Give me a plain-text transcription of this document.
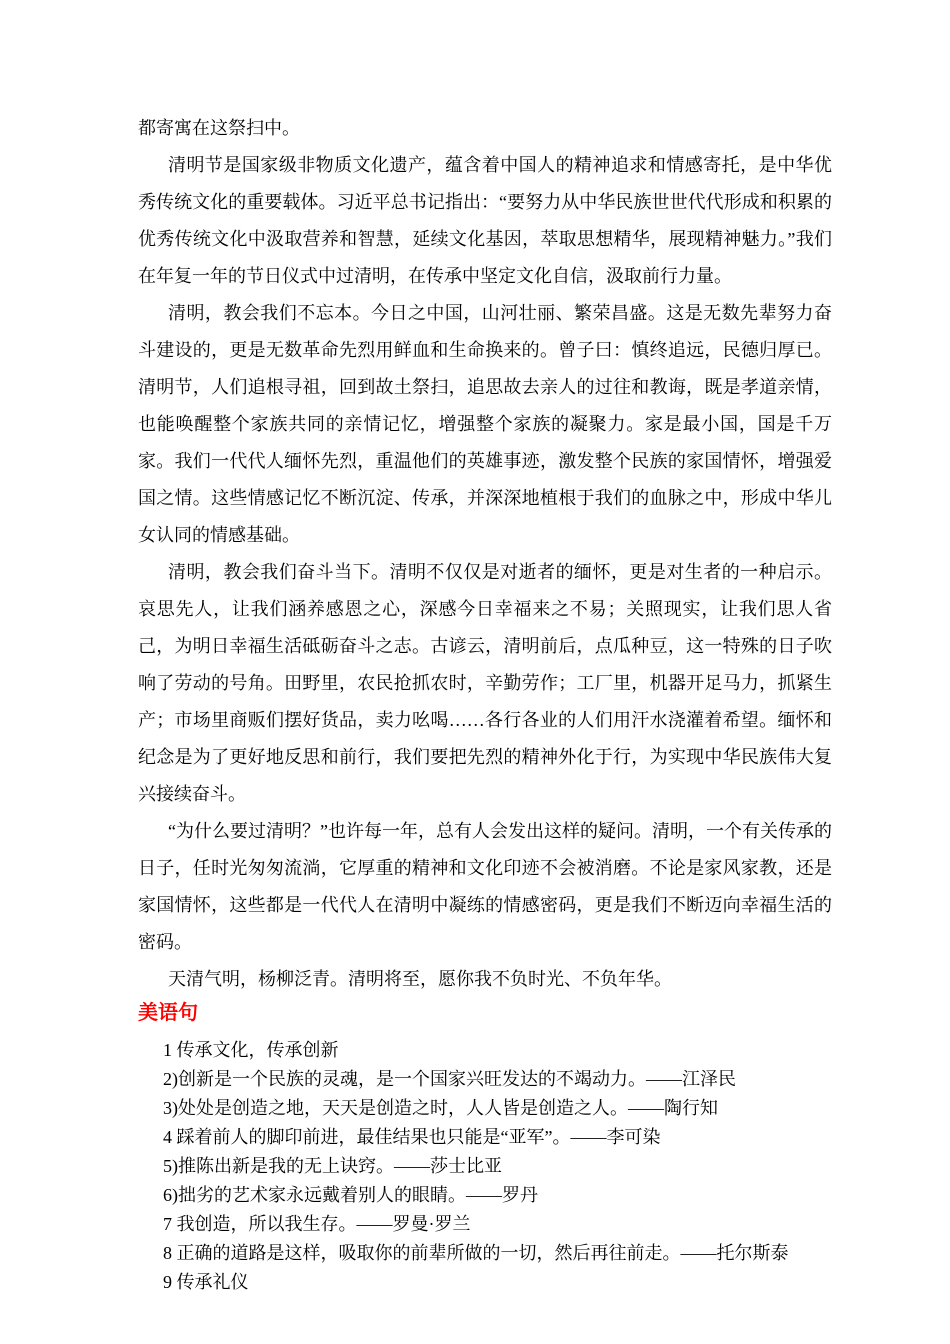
都寄寓在这祭扫中。

清明节是国家级非物质文化遗产，蕴含着中国人的精神追求和情感寄托，是中华优秀传统文化的重要载体。习近平总书记指出：“要努力从中华民族世世代代形成和积累的优秀传统文化中汲取营养和智慧，延续文化基因，萃取思想精华，展现精神魅力。”我们在年复一年的节日仪式中过清明，在传承中坚定文化自信，汲取前行力量。

清明，教会我们不忘本。今日之中国，山河壮丽、繁荣昌盛。这是无数先辈努力奋斗建设的，更是无数革命先烈用鲜血和生命换来的。曾子曰：慎终追远，民德归厚已。清明节，人们追根寻祖，回到故土祭扫，追思故去亲人的过往和教诲，既是孝道亲情，也能唤醒整个家族共同的亲情记忆，增强整个家族的凝聚力。家是最小国，国是千万家。我们一代代人缅怀先烈，重温他们的英雄事迹，激发整个民族的家国情怀，增强爱国之情。这些情感记忆不断沉淀、传承，并深深地植根于我们的血脉之中，形成中华儿女认同的情感基础。

清明，教会我们奋斗当下。清明不仅仅是对逝者的缅怀，更是对生者的一种启示。哀思先人，让我们涵养感恩之心，深感今日幸福来之不易；关照现实，让我们思人省己，为明日幸福生活砥砺奋斗之志。古谚云，清明前后，点瓜种豆，这一特殊的日子吹响了劳动的号角。田野里，农民抢抓农时，辛勤劳作；工厂里，机器开足马力，抓紧生产；市场里商贩们摆好货品，卖力吆喝……各行各业的人们用汗水浇灌着希望。缅怀和纪念是为了更好地反思和前行，我们要把先烈的精神外化于行，为实现中华民族伟大复兴接续奋斗。

“为什么要过清明？”也许每一年，总有人会发出这样的疑问。清明，一个有关传承的日子，任时光匆匆流淌，它厚重的精神和文化印迹不会被消磨。不论是家风家教，还是家国情怀，这些都是一代代人在清明中凝练的情感密码，更是我们不断迈向幸福生活的密码。

天清气明，杨柳泛青。清明将至，愿你我不负时光、不负年华。

美语句

1 传承文化，传承创新

2)创新是一个民族的灵魂，是一个国家兴旺发达的不竭动力。——江泽民

3)处处是创造之地，天天是创造之时，人人皆是创造之人。——陶行知

4 踩着前人的脚印前进，最佳结果也只能是“亚军”。——李可染

5)推陈出新是我的无上诀窍。——莎士比亚

6)拙劣的艺术家永远戴着别人的眼睛。——罗丹

7 我创造，所以我生存。——罗曼·罗兰

8 正确的道路是这样，吸取你的前辈所做的一切，然后再往前走。——托尔斯泰

9 传承礼仪
